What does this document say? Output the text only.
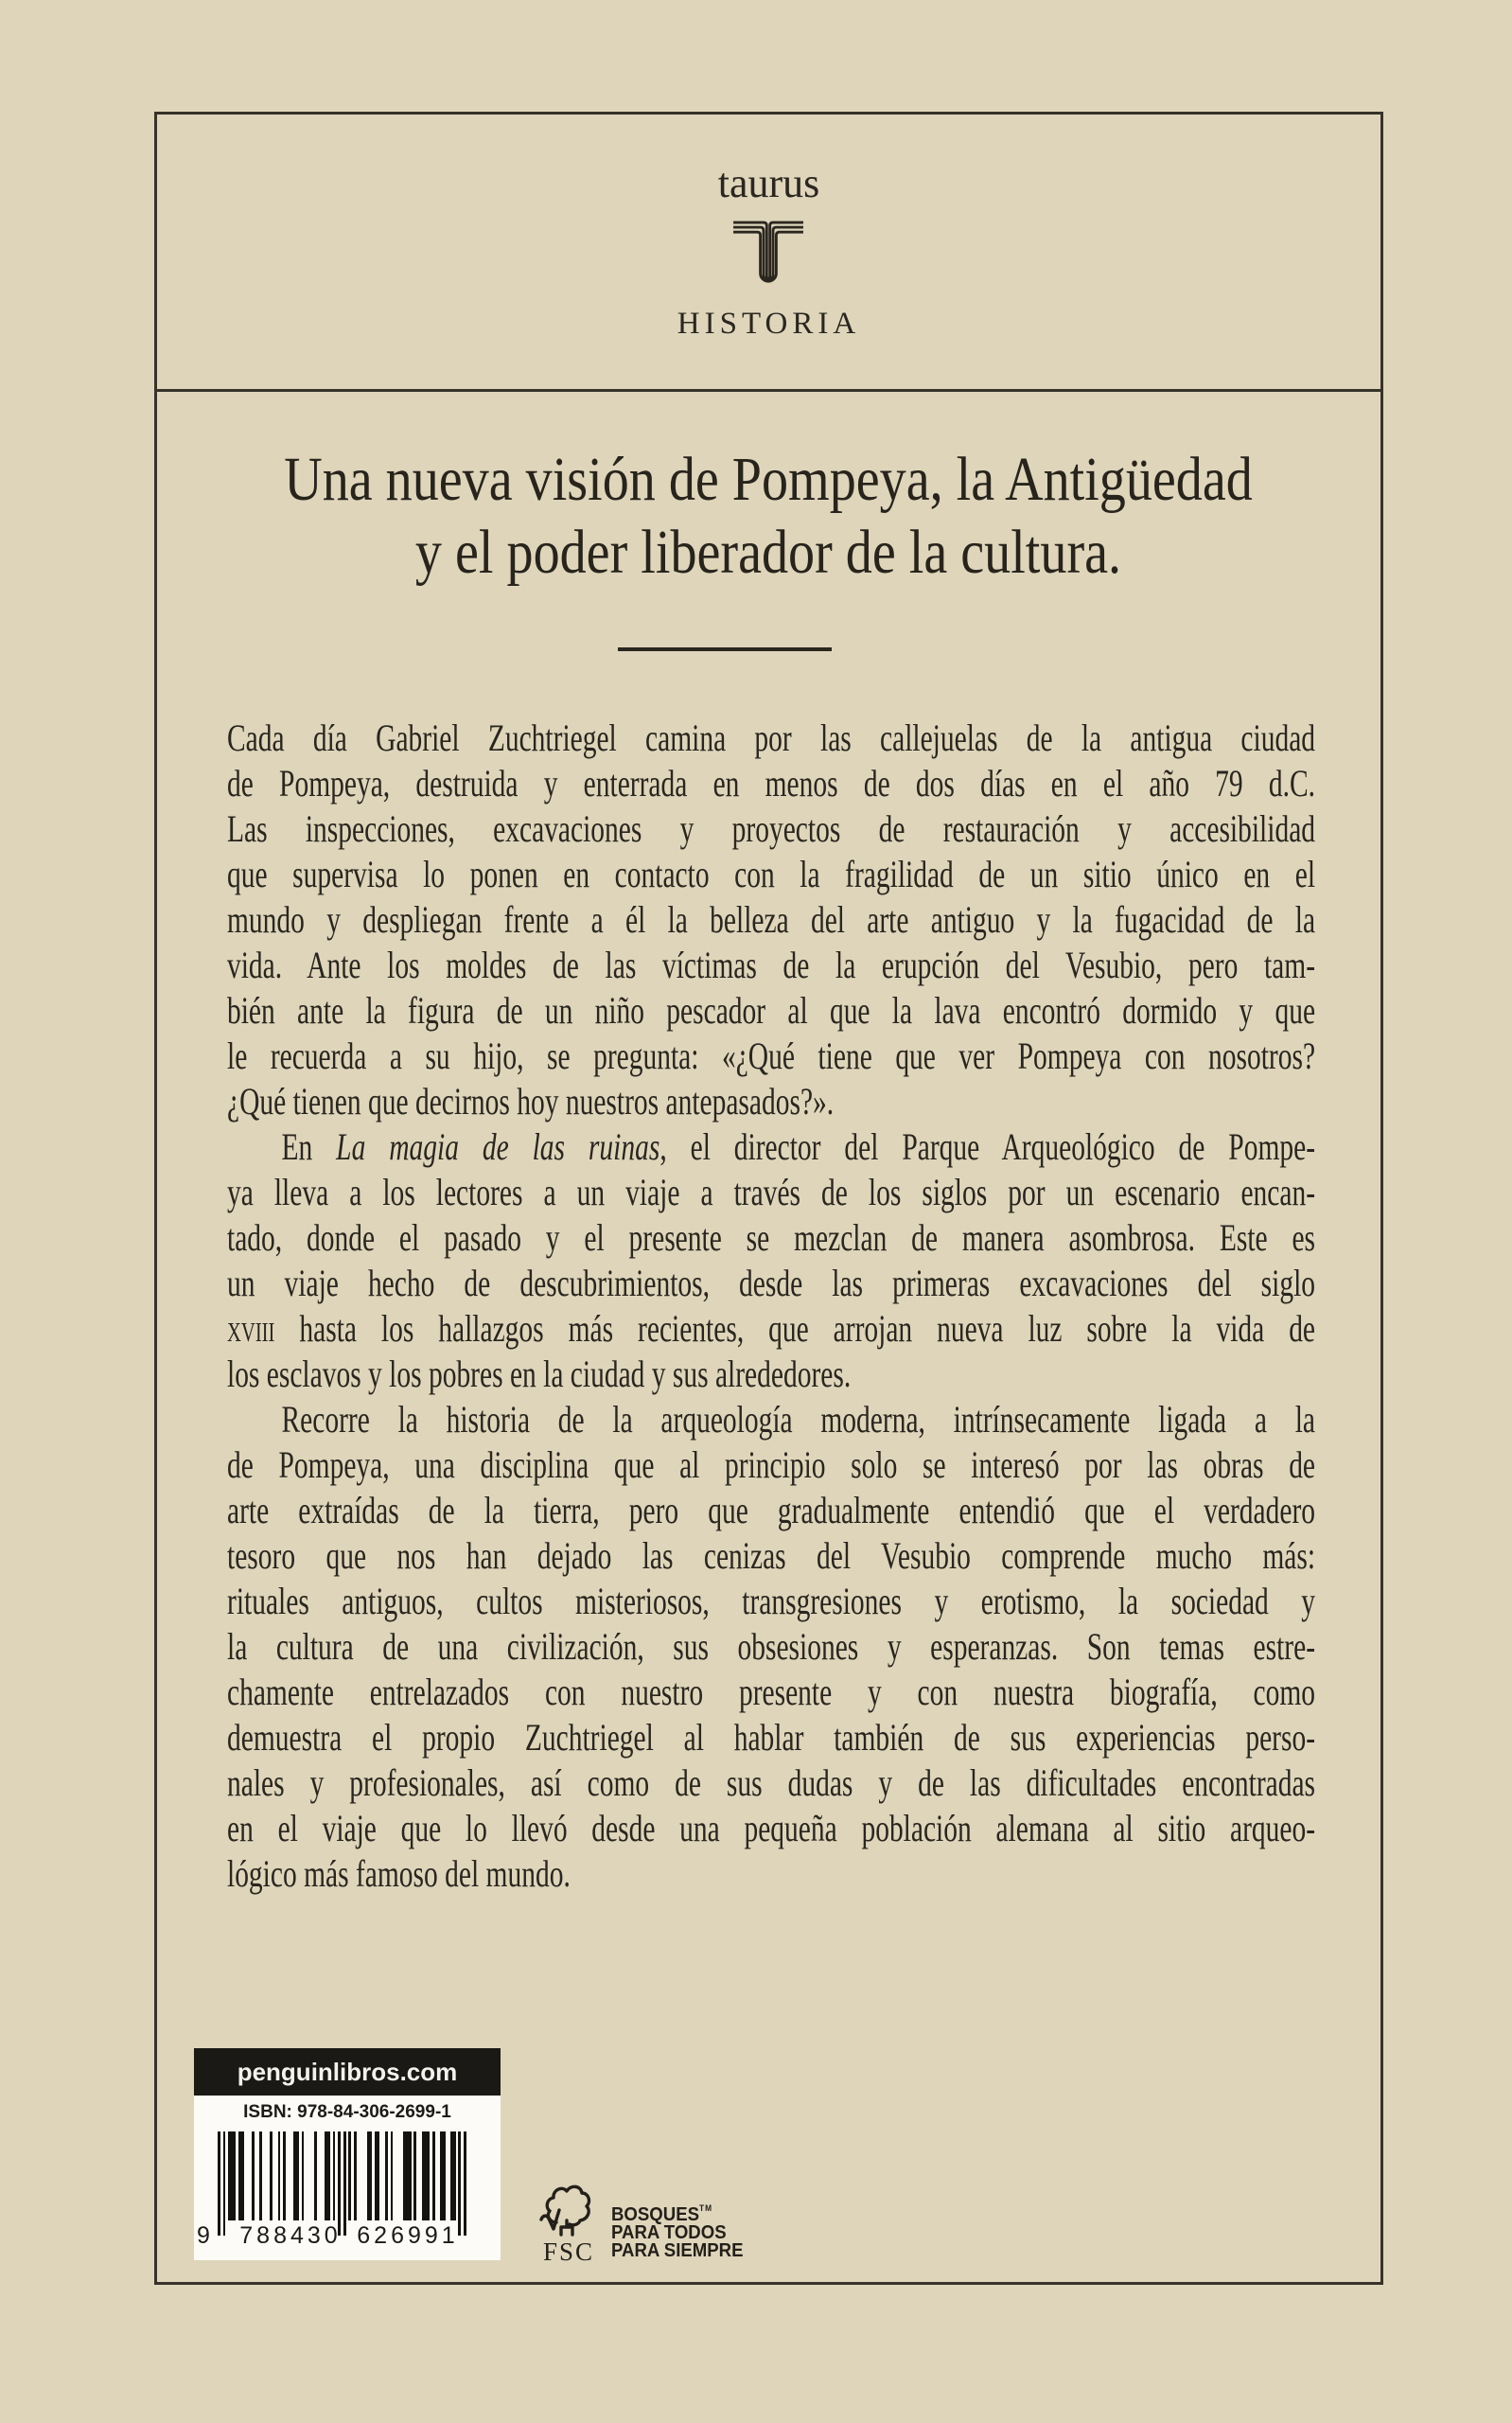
taurus
HISTORIA
Una nueva visión de Pompeya, la Antigüedad
y el poder liberador de la cultura.
Cada día Gabriel Zuchtriegel camina por las callejuelas de la antigua ciudad
de Pompeya, destruida y enterrada en menos de dos días en el año 79 d.C.
Las inspecciones, excavaciones y proyectos de restauración y accesibilidad
que supervisa lo ponen en contacto con la fragilidad de un sitio único en el
mundo y despliegan frente a él la belleza del arte antiguo y la fugacidad de la
vida. Ante los moldes de las víctimas de la erupción del Vesubio, pero tam-
bién ante la figura de un niño pescador al que la lava encontró dormido y que
le recuerda a su hijo, se pregunta: «¿Qué tiene que ver Pompeya con nosotros?
¿Qué tienen que decirnos hoy nuestros antepasados?».
En La magia de las ruinas, el director del Parque Arqueológico de Pompe-
ya lleva a los lectores a un viaje a través de los siglos por un escenario encan-
tado, donde el pasado y el presente se mezclan de manera asombrosa. Este es
un viaje hecho de descubrimientos, desde las primeras excavaciones del siglo
xviii hasta los hallazgos más recientes, que arrojan nueva luz sobre la vida de
los esclavos y los pobres en la ciudad y sus alrededores.
Recorre la historia de la arqueología moderna, intrínsecamente ligada a la
de Pompeya, una disciplina que al principio solo se interesó por las obras de
arte extraídas de la tierra, pero que gradualmente entendió que el verdadero
tesoro que nos han dejado las cenizas del Vesubio comprende mucho más:
rituales antiguos, cultos misteriosos, transgresiones y erotismo, la sociedad y
la cultura de una civilización, sus obsesiones y esperanzas. Son temas estre-
chamente entrelazados con nuestro presente y con nuestra biografía, como
demuestra el propio Zuchtriegel al hablar también de sus experiencias perso-
nales y profesionales, así como de sus dudas y de las dificultades encontradas
en el viaje que lo llevó desde una pequeña población alemana al sitio arqueo-
lógico más famoso del mundo.
penguinlibros.com
ISBN: 978-84-306-2699-1
9 788430 626991
FSC
BOSQUES™
PARA TODOS
PARA SIEMPRE
